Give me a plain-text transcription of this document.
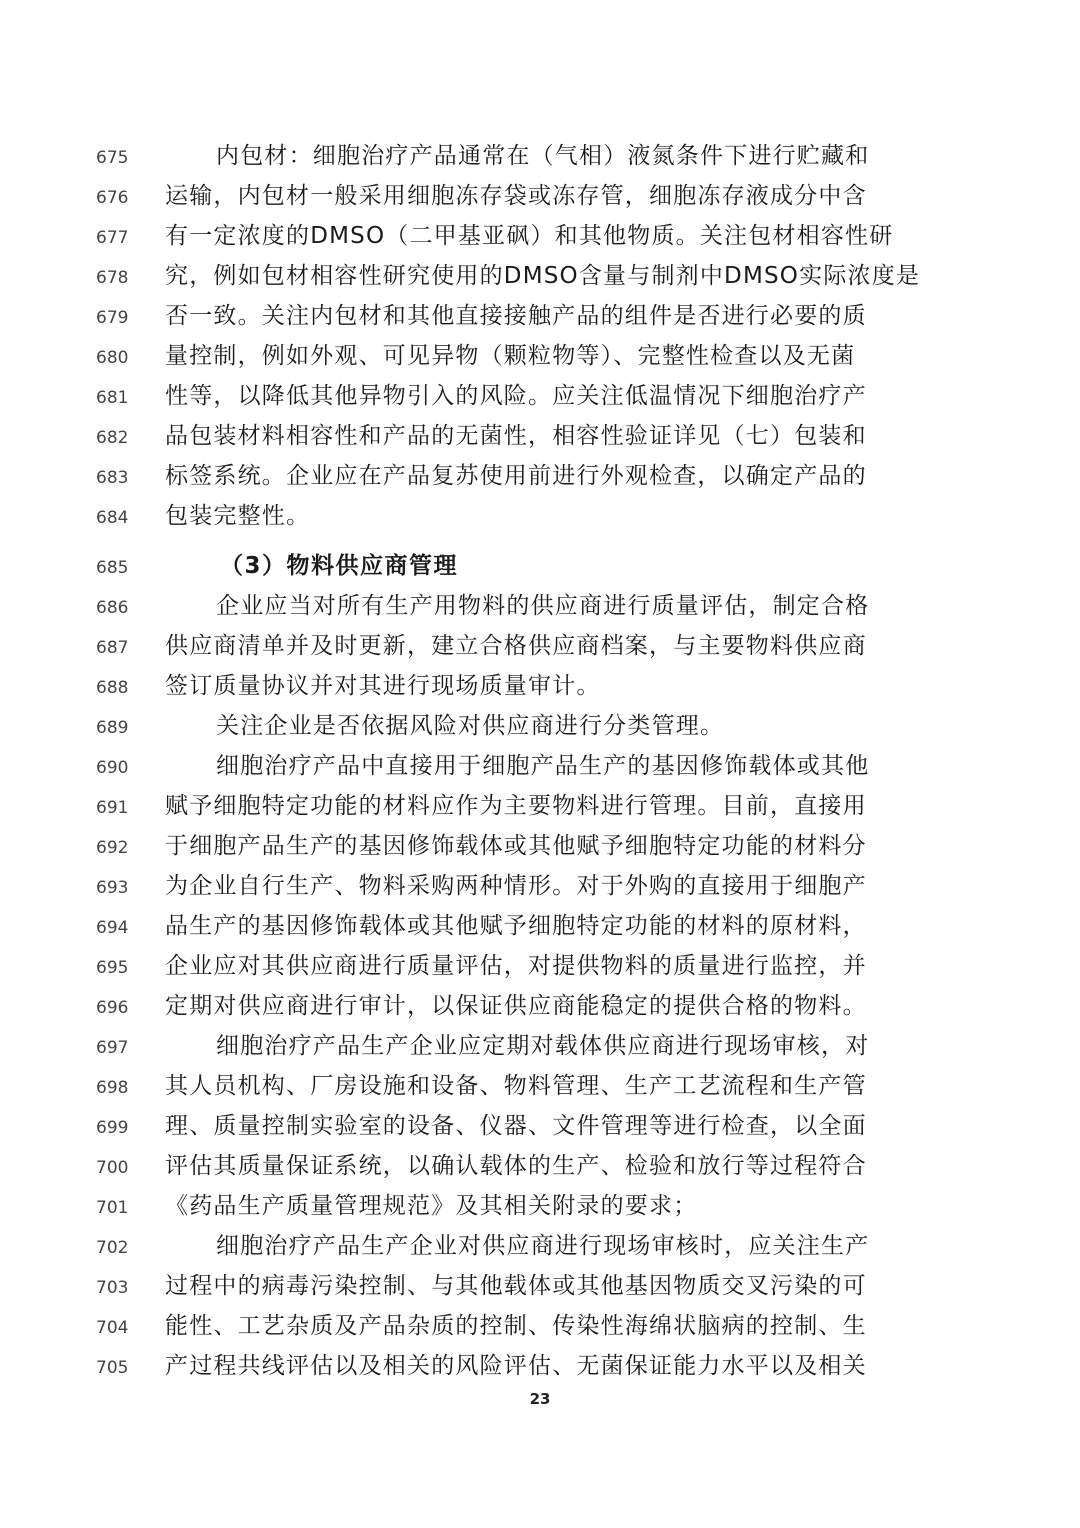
675	内包材：细胞治疗产品通常在（气相）液氮条件下进行贮藏和
676	运输，内包材一般采用细胞冻存袋或冻存管，细胞冻存液成分中含
677	有一定浓度的DMSO（二甲基亚砜）和其他物质。关注包材相容性研
678	究，例如包材相容性研究使用的DMSO含量与制剂中DMSO实际浓度是
679	否一致。关注内包材和其他直接接触产品的组件是否进行必要的质
680	量控制，例如外观、可见异物（颗粒物等）、完整性检查以及无菌
681	性等，以降低其他异物引入的风险。应关注低温情况下细胞治疗产
682	品包装材料相容性和产品的无菌性，相容性验证详见（七）包装和
683	标签系统。企业应在产品复苏使用前进行外观检查，以确定产品的
684	包装完整性。
685	（3）物料供应商管理
686	企业应当对所有生产用物料的供应商进行质量评估，制定合格
687	供应商清单并及时更新，建立合格供应商档案，与主要物料供应商
688	签订质量协议并对其进行现场质量审计。
689	关注企业是否依据风险对供应商进行分类管理。
690	细胞治疗产品中直接用于细胞产品生产的基因修饰载体或其他
691	赋予细胞特定功能的材料应作为主要物料进行管理。目前，直接用
692	于细胞产品生产的基因修饰载体或其他赋予细胞特定功能的材料分
693	为企业自行生产、物料采购两种情形。对于外购的直接用于细胞产
694	品生产的基因修饰载体或其他赋予细胞特定功能的材料的原材料，
695	企业应对其供应商进行质量评估，对提供物料的质量进行监控，并
696	定期对供应商进行审计，以保证供应商能稳定的提供合格的物料。
697	细胞治疗产品生产企业应定期对载体供应商进行现场审核，对
698	其人员机构、厂房设施和设备、物料管理、生产工艺流程和生产管
699	理、质量控制实验室的设备、仪器、文件管理等进行检查，以全面
700	评估其质量保证系统，以确认载体的生产、检验和放行等过程符合
701	《药品生产质量管理规范》及其相关附录的要求；
702	细胞治疗产品生产企业对供应商进行现场审核时，应关注生产
703	过程中的病毒污染控制、与其他载体或其他基因物质交叉污染的可
704	能性、工艺杂质及产品杂质的控制、传染性海绵状脑病的控制、生
705	产过程共线评估以及相关的风险评估、无菌保证能力水平以及相关
23
